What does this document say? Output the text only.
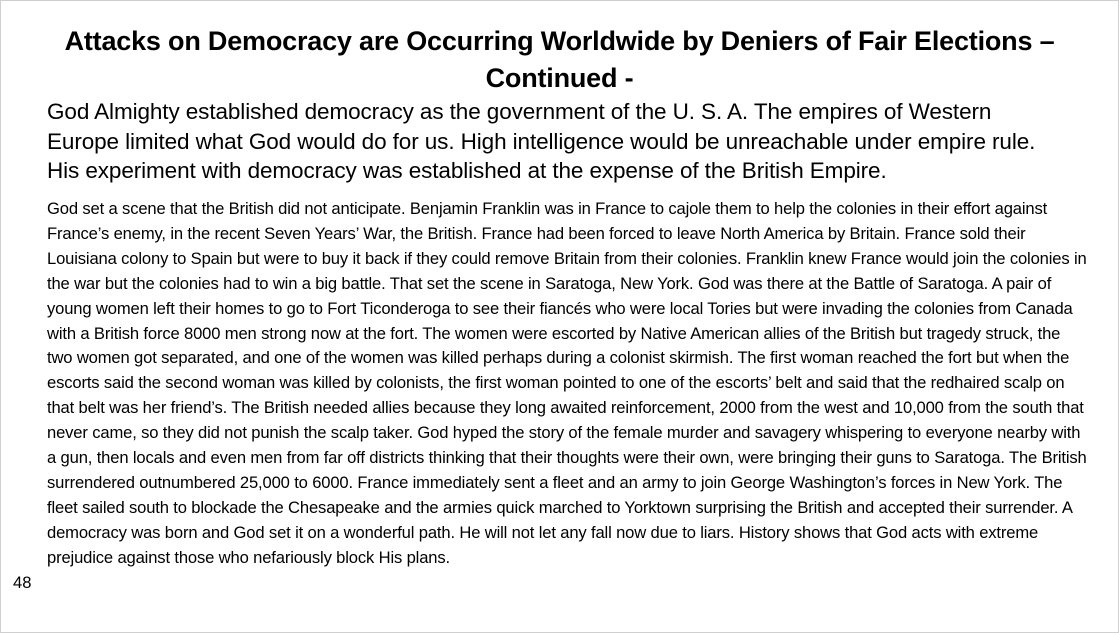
Attacks on Democracy are Occurring Worldwide by Deniers of Fair Elections – Continued -
God Almighty established democracy as the government of the U. S. A. The empires of Western Europe limited what God would do for us. High intelligence would be unreachable under empire rule. His experiment with democracy was established at the expense of the British Empire.
God set a scene that the British did not anticipate. Benjamin Franklin was in France to cajole them to help the colonies in their effort against France’s enemy, in the recent Seven Years’ War, the British. France had been forced to leave North America by Britain. France sold their Louisiana colony to Spain but were to buy it back if they could remove Britain from their colonies. Franklin knew France would join the colonies in the war but the colonies had to win a big battle. That set the scene in Saratoga, New York. God was there at the Battle of Saratoga. A pair of young women left their homes to go to Fort Ticonderoga to see their fiancés who were local Tories but were invading the colonies from Canada with a British force 8000 men strong now at the fort. The women were escorted by Native American allies of the British but tragedy struck, the two women got separated, and one of the women was killed perhaps during a colonist skirmish. The first woman reached the fort but when the escorts said the second woman was killed by colonists, the first woman pointed to one of the escorts’ belt and said that the redhaired scalp on that belt was her friend’s. The British needed allies because they long awaited reinforcement, 2000 from the west and 10,000 from the south that never came, so they did not punish the scalp taker. God hyped the story of the female murder and savagery whispering to everyone nearby with a gun, then locals and even men from far off districts thinking that their thoughts were their own, were bringing their guns to Saratoga. The British surrendered outnumbered 25,000 to 6000. France immediately sent a fleet and an army to join George Washington’s forces in New York. The fleet sailed south to blockade the Chesapeake and the armies quick marched to Yorktown surprising the British and accepted their surrender. A democracy was born and God set it on a wonderful path. He will not let any fall now due to liars. History shows that God acts with extreme prejudice against those who nefariously block His plans.
48
